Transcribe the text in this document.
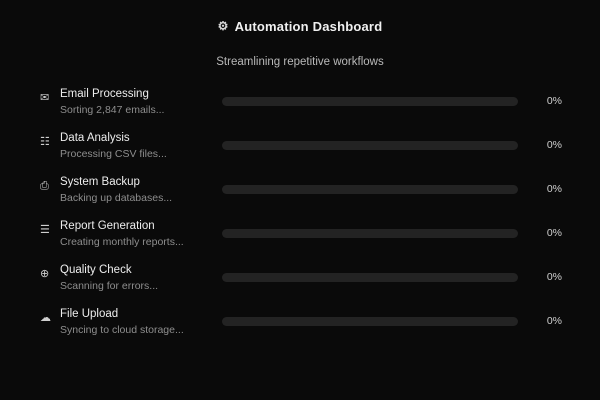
⚙ Automation Dashboard
Streamlining repetitive workflows
✉ Email Processing
Sorting 2,847 emails...
0%
☷ Data Analysis
Processing CSV files...
0%
⎙ System Backup
Backing up databases...
0%
☰ Report Generation
Creating monthly reports...
0%
⊕ Quality Check
Scanning for errors...
0%
☁ File Upload
Syncing to cloud storage...
0%
